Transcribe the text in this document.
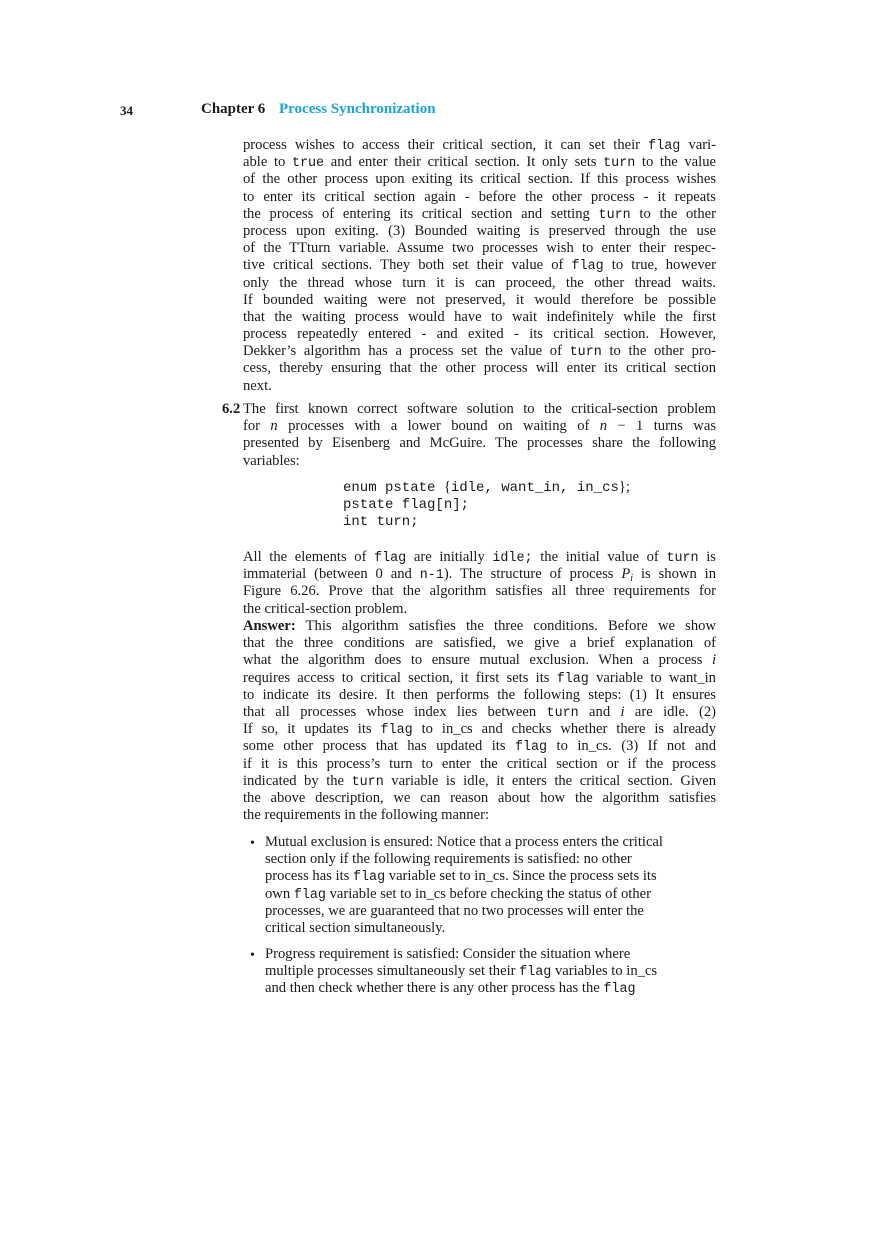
34	Chapter 6 Process Synchronization
process wishes to access their critical section, it can set their flag vari-
able to true and enter their critical section. It only sets turn to the value
of the other process upon exiting its critical section. If this process wishes
to enter its critical section again - before the other process - it repeats
the process of entering its critical section and setting turn to the other
process upon exiting. (3) Bounded waiting is preserved through the use
of the TTturn variable. Assume two processes wish to enter their respec-
tive critical sections. They both set their value of flag to true, however
only the thread whose turn it is can proceed, the other thread waits.
If bounded waiting were not preserved, it would therefore be possible
that the waiting process would have to wait indefinitely while the first
process repeatedly entered - and exited - its critical section. However,
Dekker’s algorithm has a process set the value of turn to the other pro-
cess, thereby ensuring that the other process will enter its critical section
next.
6.2 The first known correct software solution to the critical-section problem
for n processes with a lower bound on waiting of n − 1 turns was
presented by Eisenberg and McGuire. The processes share the following
variables:
enum pstate {idle, want_in, in_cs};
pstate flag[n];
int turn;
All the elements of flag are initially idle; the initial value of turn is
immaterial (between 0 and n-1). The structure of process $P_i$ is shown in
Figure 6.26. Prove that the algorithm satisfies all three requirements for
the critical-section problem.
Answer: This algorithm satisfies the three conditions. Before we show
that the three conditions are satisfied, we give a brief explanation of
what the algorithm does to ensure mutual exclusion. When a process i
requires access to critical section, it first sets its flag variable to want_in
to indicate its desire. It then performs the following steps: (1) It ensures
that all processes whose index lies between turn and i are idle. (2)
If so, it updates its flag to in_cs and checks whether there is already
some other process that has updated its flag to in_cs. (3) If not and
if it is this process’s turn to enter the critical section or if the process
indicated by the turn variable is idle, it enters the critical section. Given
the above description, we can reason about how the algorithm satisfies
the requirements in the following manner:
• Mutual exclusion is ensured: Notice that a process enters the critical
section only if the following requirements is satisfied: no other
process has its flag variable set to in_cs. Since the process sets its
own flag variable set to in_cs before checking the status of other
processes, we are guaranteed that no two processes will enter the
critical section simultaneously.
• Progress requirement is satisfied: Consider the situation where
multiple processes simultaneously set their flag variables to in_cs
and then check whether there is any other process has the flag
